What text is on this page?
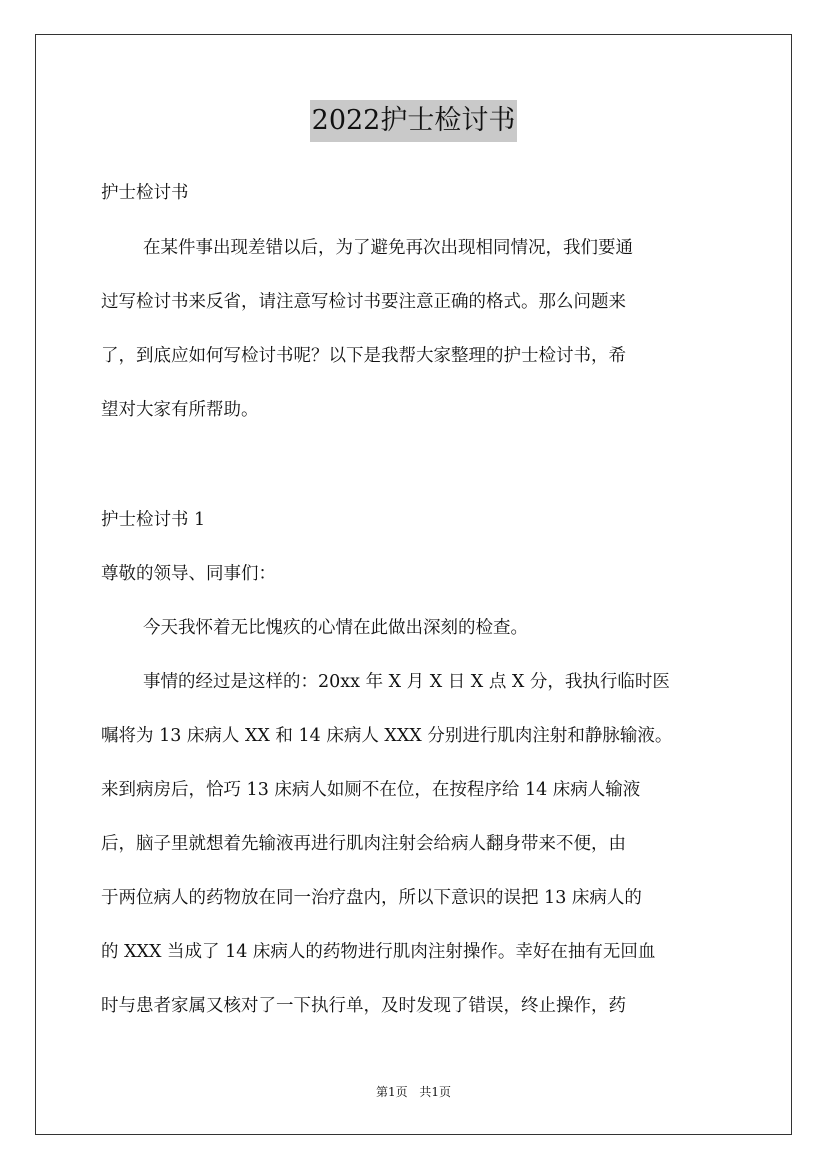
2022护士检讨书
护士检讨书
在某件事出现差错以后，为了避免再次出现相同情况，我们要通
过写检讨书来反省，请注意写检讨书要注意正确的格式。那么问题来
了，到底应如何写检讨书呢？以下是我帮大家整理的护士检讨书，希
望对大家有所帮助。
护士检讨书 1
尊敬的领导、同事们：
今天我怀着无比愧疚的心情在此做出深刻的检查。
事情的经过是这样的：20xx 年 X 月 X 日 X 点 X 分，我执行临时医
嘱将为 13 床病人 XX 和 14 床病人 XXX 分别进行肌肉注射和静脉输液。
来到病房后，恰巧 13 床病人如厕不在位，在按程序给 14 床病人输液
后，脑子里就想着先输液再进行肌肉注射会给病人翻身带来不便，由
于两位病人的药物放在同一治疗盘内，所以下意识的误把 13 床病人的
的 XXX 当成了 14 床病人的药物进行肌肉注射操作。幸好在抽有无回血
时与患者家属又核对了一下执行单，及时发现了错误，终止操作，药
第1页 共1页
